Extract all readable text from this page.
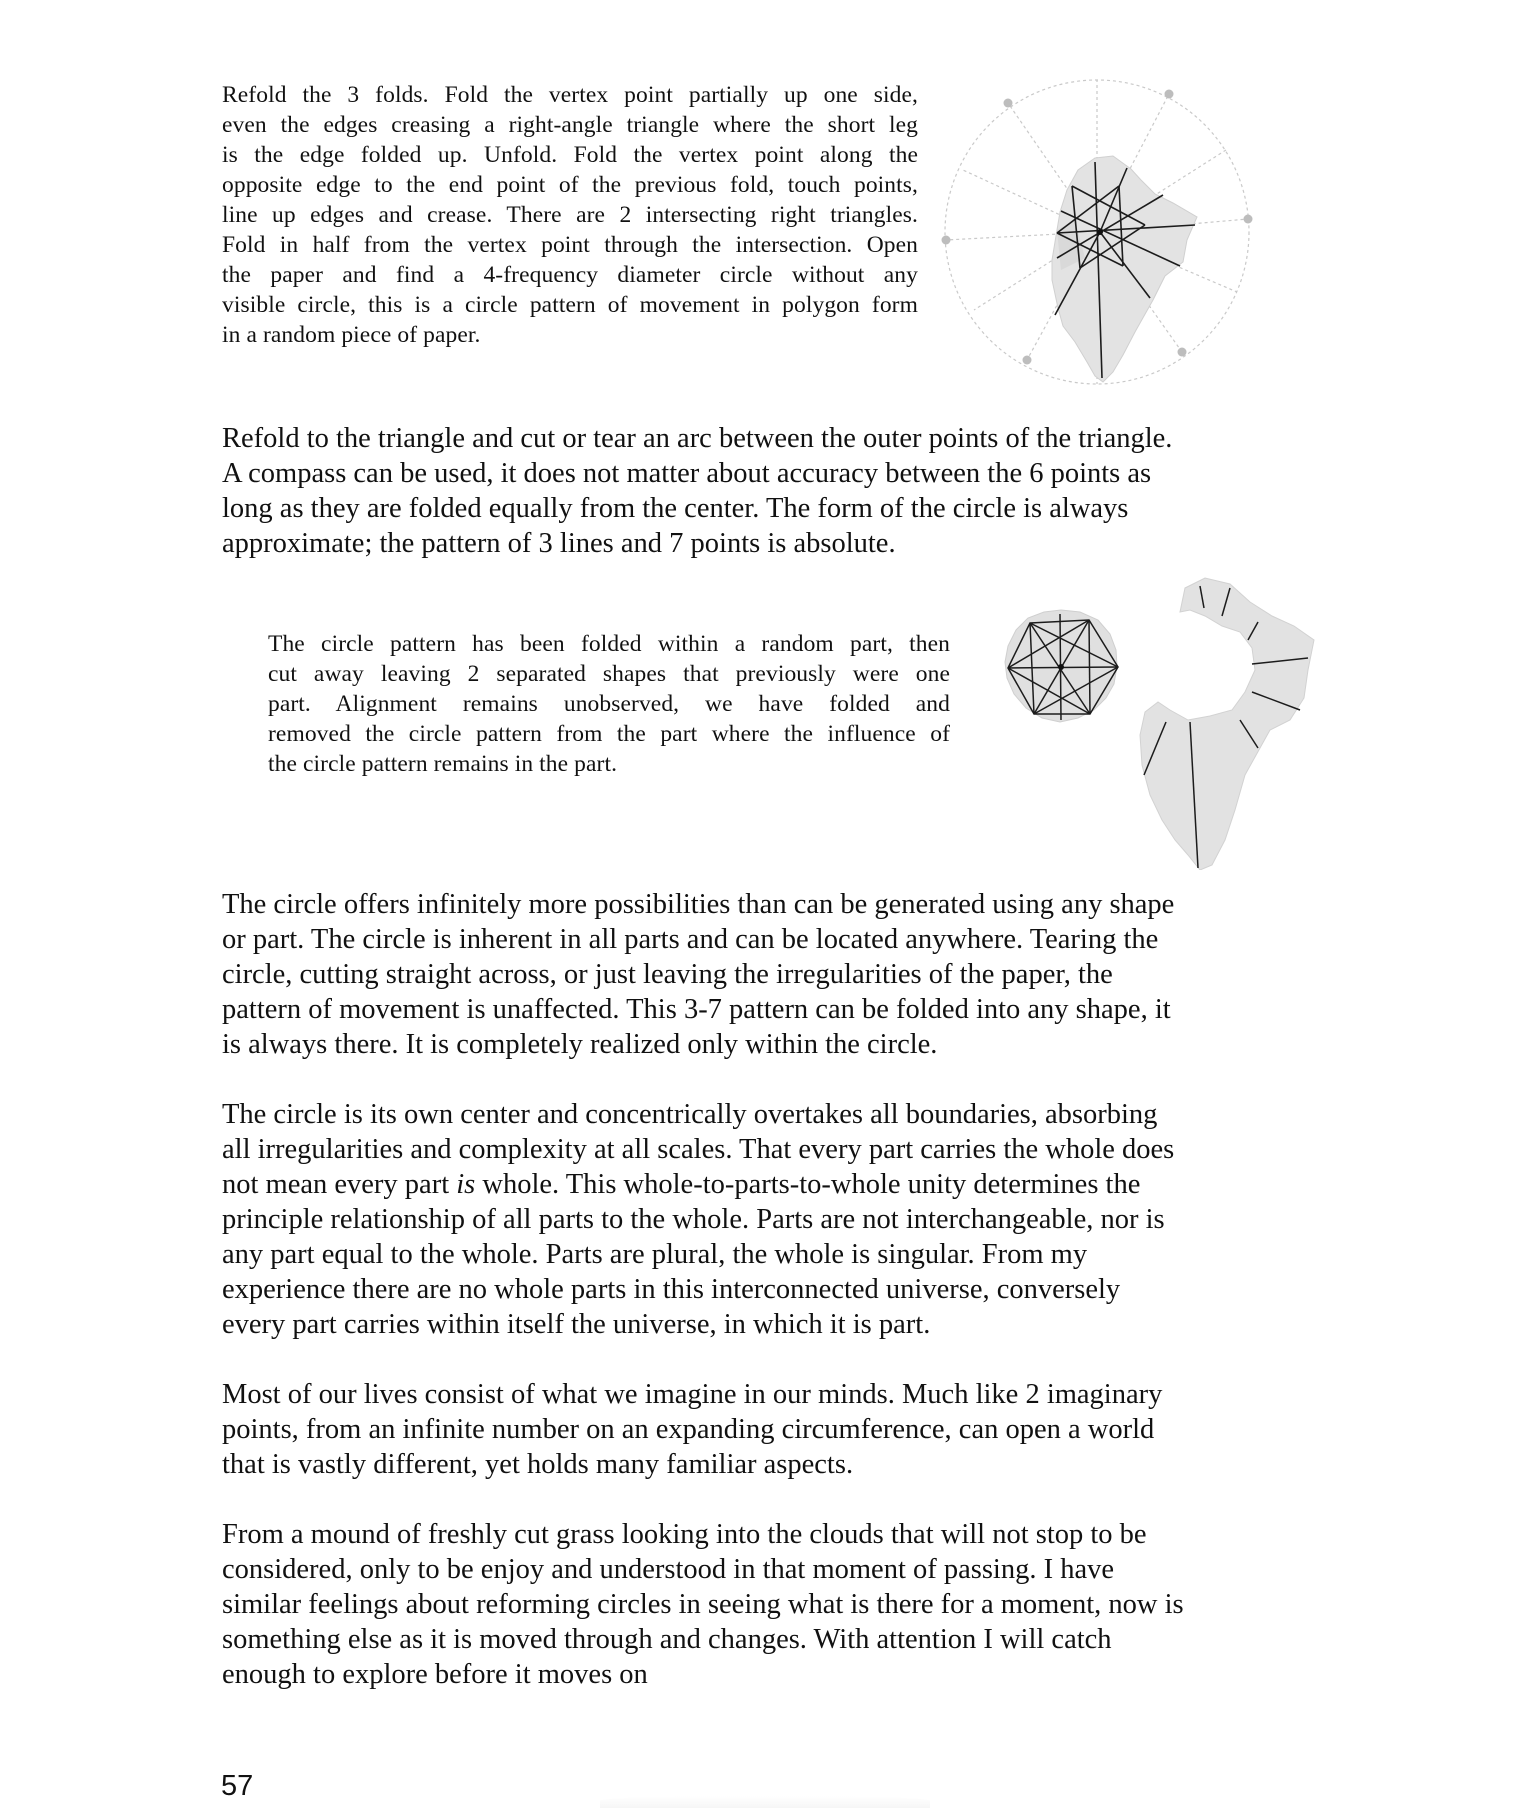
Refold the 3 folds. Fold the vertex point partially up one side,
even the edges creasing a right-angle triangle where the short leg
is the edge folded up. Unfold. Fold the vertex point along the
opposite edge to the end point of the previous fold, touch points,
line up edges and crease. There are 2 intersecting right triangles.
Fold in half from the vertex point through the intersection. Open
the paper and find a 4-frequency diameter circle without any
visible circle, this is a circle pattern of movement in polygon form
in a random piece of paper.
Refold to the triangle and cut or tear an arc between the outer points of the triangle.
A compass can be used, it does not matter about accuracy between the 6 points as
long as they are folded equally from the center. The form of the circle is always
approximate; the pattern of 3 lines and 7 points is absolute.
The circle pattern has been folded within a random part, then
cut away leaving 2 separated shapes that previously were one
part. Alignment remains unobserved, we have folded and
removed the circle pattern from the part where the influence of
the circle pattern remains in the part.
The circle offers infinitely more possibilities than can be generated using any shape
or part. The circle is inherent in all parts and can be located anywhere. Tearing the
circle, cutting straight across, or just leaving the irregularities of the paper, the
pattern of movement is unaffected. This 3-7 pattern can be folded into any shape, it
is always there. It is completely realized only within the circle.
The circle is its own center and concentrically overtakes all boundaries, absorbing
all irregularities and complexity at all scales. That every part carries the whole does
not mean every part is whole. This whole-to-parts-to-whole unity determines the
principle relationship of all parts to the whole. Parts are not interchangeable, nor is
any part equal to the whole. Parts are plural, the whole is singular. From my
experience there are no whole parts in this interconnected universe, conversely
every part carries within itself the universe, in which it is part.
Most of our lives consist of what we imagine in our minds. Much like 2 imaginary
points, from an infinite number on an expanding circumference, can open a world
that is vastly different, yet holds many familiar aspects.
From a mound of freshly cut grass looking into the clouds that will not stop to be
considered, only to be enjoy and understood in that moment of passing. I have
similar feelings about reforming circles in seeing what is there for a moment, now is
something else as it is moved through and changes. With attention I will catch
enough to explore before it moves on
57
